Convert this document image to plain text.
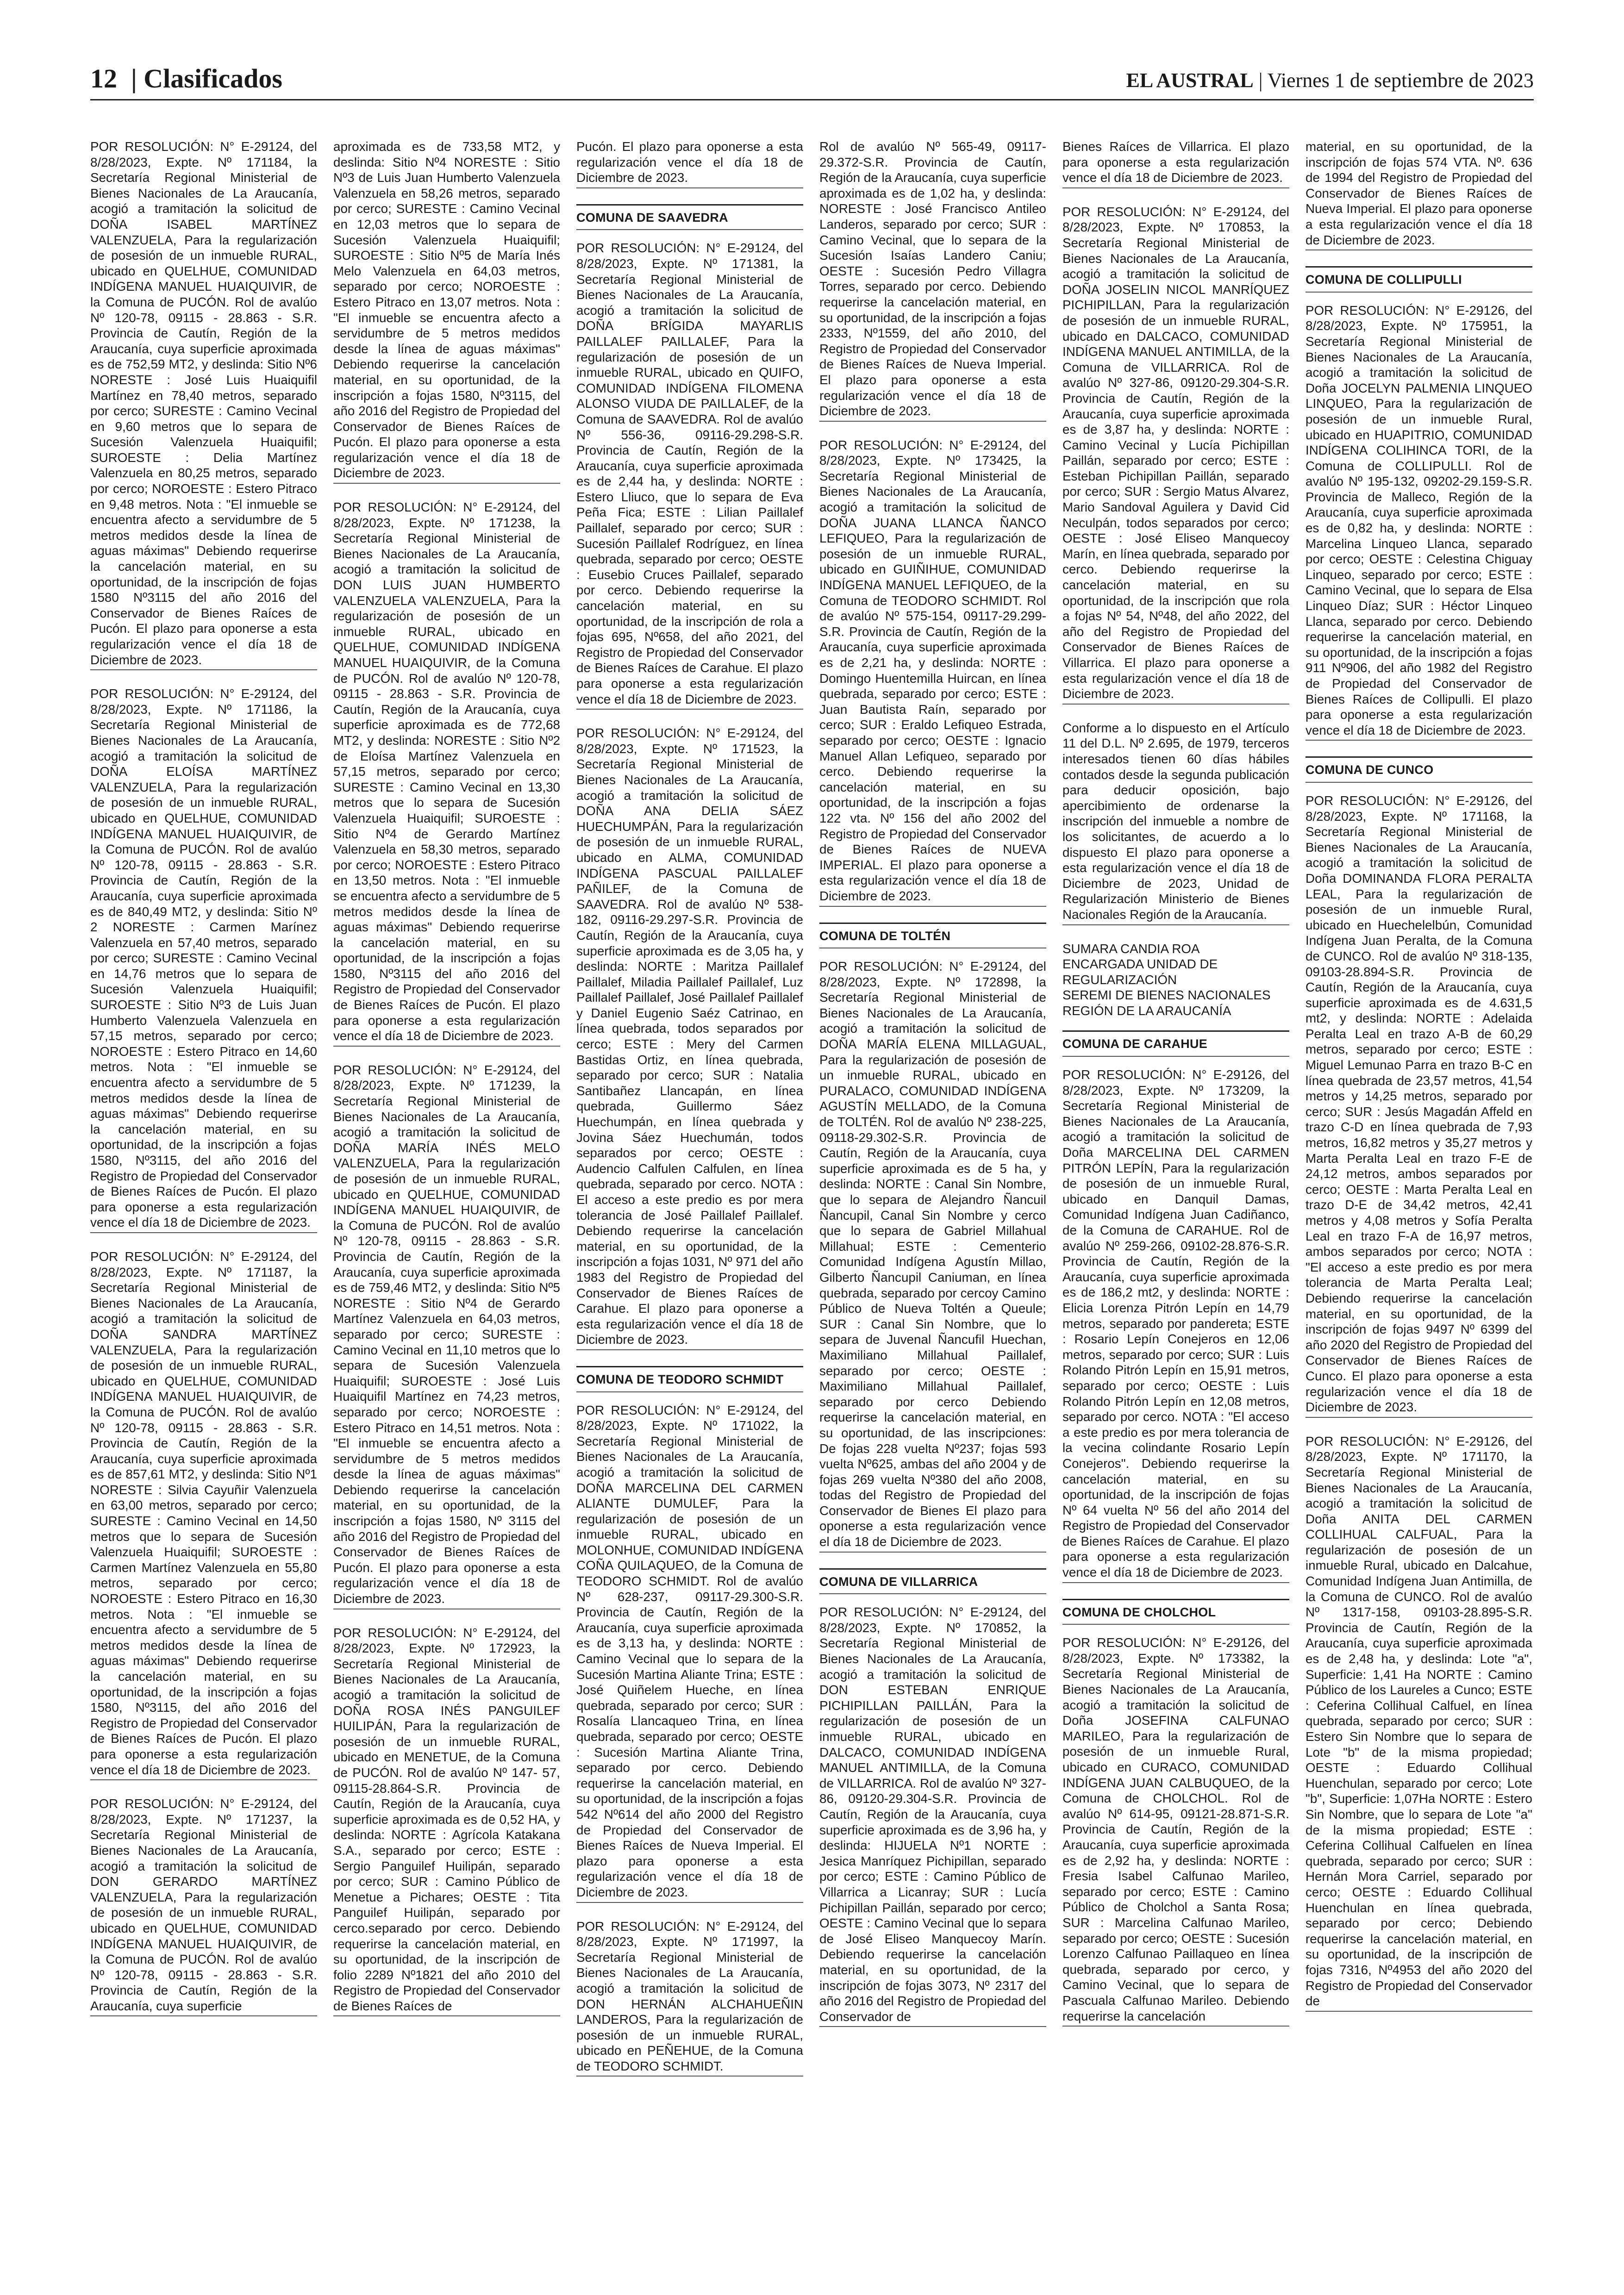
12 | Clasificados	EL AUSTRAL | Viernes 1 de septiembre de 2023

POR RESOLUCIÓN: N° E-29124, del 8/28/2023, Expte. Nº 171184, la Secretaría Regional Ministerial de Bienes Nacionales de La Araucanía, acogió a tramitación la solicitud de DOÑA ISABEL MARTÍNEZ VALENZUELA, Para la regularización de posesión de un inmueble RURAL, ubicado en QUELHUE, COMUNIDAD INDÍGENA MANUEL HUAIQUIVIR, de la Comuna de PUCÓN. Rol de avalúo Nº 120-78, 09115 - 28.863 - S.R. Provincia de Cautín, Región de la Araucanía, cuya superficie aproximada es de 752,59 MT2, y deslinda: Sitio Nº6 NORESTE : José Luis Huaiquifil Martínez en 78,40 metros, separado por cerco; SURESTE : Camino Vecinal en 9,60 metros que lo separa de Sucesión Valenzuela Huaiquifil; SUROESTE : Delia Martínez Valenzuela en 80,25 metros, separado por cerco; NOROESTE : Estero Pitraco en 9,48 metros. Nota : "El inmueble se encuentra afecto a servidumbre de 5 metros medidos desde la línea de aguas máximas" Debiendo requerirse la cancelación material, en su oportunidad, de la inscripción de fojas 1580 Nº3115 del año 2016 del Conservador de Bienes Raíces de Pucón. El plazo para oponerse a esta regularización vence el día 18 de Diciembre de 2023.

POR RESOLUCIÓN: N° E-29124, del 8/28/2023, Expte. Nº 171186, la Secretaría Regional Ministerial de Bienes Nacionales de La Araucanía, acogió a tramitación la solicitud de DOÑA ELOÍSA MARTÍNEZ VALENZUELA, Para la regularización de posesión de un inmueble RURAL, ubicado en QUELHUE, COMUNIDAD INDÍGENA MANUEL HUAIQUIVIR, de la Comuna de PUCÓN. Rol de avalúo Nº 120-78, 09115 - 28.863 - S.R. Provincia de Cautín, Región de la Araucanía, cuya superficie aproximada es de 840,49 MT2, y deslinda: Sitio Nº 2 NORESTE : Carmen Marínez Valenzuela en 57,40 metros, separado por cerco; SURESTE : Camino Vecinal en 14,76 metros que lo separa de Sucesión Valenzuela Huaiquifil; SUROESTE : Sitio Nº3 de Luis Juan Humberto Valenzuela Valenzuela en 57,15 metros, separado por cerco; NOROESTE : Estero Pitraco en 14,60 metros. Nota : "El inmueble se encuentra afecto a servidumbre de 5 metros medidos desde la línea de aguas máximas" Debiendo requerirse la cancelación material, en su oportunidad, de la inscripción a fojas 1580, Nº3115, del año 2016 del Registro de Propiedad del Conservador de Bienes Raíces de Pucón. El plazo para oponerse a esta regularización vence el día 18 de Diciembre de 2023.

POR RESOLUCIÓN: N° E-29124, del 8/28/2023, Expte. Nº 171187, la Secretaría Regional Ministerial de Bienes Nacionales de La Araucanía, acogió a tramitación la solicitud de DOÑA SANDRA MARTÍNEZ VALENZUELA, Para la regularización de posesión de un inmueble RURAL, ubicado en QUELHUE, COMUNIDAD INDÍGENA MANUEL HUAIQUIVIR, de la Comuna de PUCÓN. Rol de avalúo Nº 120-78, 09115 - 28.863 - S.R. Provincia de Cautín, Región de la Araucanía, cuya superficie aproximada es de 857,61 MT2, y deslinda: Sitio Nº1 NORESTE : Silvia Cayuñir Valenzuela en 63,00 metros, separado por cerco; SURESTE : Camino Vecinal en 14,50 metros que lo separa de Sucesión Valenzuela Huaiquifil; SUROESTE : Carmen Martínez Valenzuela en 55,80 metros, separado por cerco; NOROESTE : Estero Pitraco en 16,30 metros. Nota : "El inmueble se encuentra afecto a servidumbre de 5 metros medidos desde la línea de aguas máximas" Debiendo requerirse la cancelación material, en su oportunidad, de la inscripción a fojas 1580, Nº3115, del año 2016 del Registro de Propiedad del Conservador de Bienes Raíces de Pucón. El plazo para oponerse a esta regularización vence el día 18 de Diciembre de 2023.

POR RESOLUCIÓN: N° E-29124, del 8/28/2023, Expte. Nº 171237, la Secretaría Regional Ministerial de Bienes Nacionales de La Araucanía, acogió a tramitación la solicitud de DON GERARDO MARTÍNEZ VALENZUELA, Para la regularización de posesión de un inmueble RURAL, ubicado en QUELHUE, COMUNIDAD INDÍGENA MANUEL HUAIQUIVIR, de la Comuna de PUCÓN. Rol de avalúo Nº 120-78, 09115 - 28.863 - S.R. Provincia de Cautín, Región de la Araucanía, cuya superficie

aproximada es de 733,58 MT2, y deslinda: Sitio Nº4 NORESTE : Sitio Nº3 de Luis Juan Humberto Valenzuela Valenzuela en 58,26 metros, separado por cerco; SURESTE : Camino Vecinal en 12,03 metros que lo separa de Sucesión Valenzuela Huaiquifil; SUROESTE : Sitio Nº5 de María Inés Melo Valenzuela en 64,03 metros, separado por cerco; NOROESTE : Estero Pitraco en 13,07 metros. Nota : "El inmueble se encuentra afecto a servidumbre de 5 metros medidos desde la línea de aguas máximas" Debiendo requerirse la cancelación material, en su oportunidad, de la inscripción a fojas 1580, Nº3115, del año 2016 del Registro de Propiedad del Conservador de Bienes Raíces de Pucón. El plazo para oponerse a esta regularización vence el día 18 de Diciembre de 2023.

POR RESOLUCIÓN: N° E-29124, del 8/28/2023, Expte. Nº 171238, la Secretaría Regional Ministerial de Bienes Nacionales de La Araucanía, acogió a tramitación la solicitud de DON LUIS JUAN HUMBERTO VALENZUELA VALENZUELA, Para la regularización de posesión de un inmueble RURAL, ubicado en QUELHUE, COMUNIDAD INDÍGENA MANUEL HUAIQUIVIR, de la Comuna de PUCÓN. Rol de avalúo Nº 120-78, 09115 - 28.863 - S.R. Provincia de Cautín, Región de la Araucanía, cuya superficie aproximada es de 772,68 MT2, y deslinda: NORESTE : Sitio Nº2 de Eloísa Martínez Valenzuela en 57,15 metros, separado por cerco; SURESTE : Camino Vecinal en 13,30 metros que lo separa de Sucesión Valenzuela Huaiquifil; SUROESTE : Sitio Nº4 de Gerardo Martínez Valenzuela en 58,30 metros, separado por cerco; NOROESTE : Estero Pitraco en 13,50 metros. Nota : "El inmueble se encuentra afecto a servidumbre de 5 metros medidos desde la línea de aguas máximas" Debiendo requerirse la cancelación material, en su oportunidad, de la inscripción a fojas 1580, Nº3115 del año 2016 del Registro de Propiedad del Conservador de Bienes Raíces de Pucón. El plazo para oponerse a esta regularización vence el día 18 de Diciembre de 2023.

POR RESOLUCIÓN: N° E-29124, del 8/28/2023, Expte. Nº 171239, la Secretaría Regional Ministerial de Bienes Nacionales de La Araucanía, acogió a tramitación la solicitud de DOÑA MARÍA INÉS MELO VALENZUELA, Para la regularización de posesión de un inmueble RURAL, ubicado en QUELHUE, COMUNIDAD INDÍGENA MANUEL HUAIQUIVIR, de la Comuna de PUCÓN. Rol de avalúo Nº 120-78, 09115 - 28.863 - S.R. Provincia de Cautín, Región de la Araucanía, cuya superficie aproximada es de 759,46 MT2, y deslinda: Sitio Nº5 NORESTE : Sitio Nº4 de Gerardo Martínez Valenzuela en 64,03 metros, separado por cerco; SURESTE : Camino Vecinal en 11,10 metros que lo separa de Sucesión Valenzuela Huaiquifil; SUROESTE : José Luis Huaiquifil Martínez en 74,23 metros, separado por cerco; NOROESTE : Estero Pitraco en 14,51 metros. Nota : "El inmueble se encuentra afecto a servidumbre de 5 metros medidos desde la línea de aguas máximas" Debiendo requerirse la cancelación material, en su oportunidad, de la inscripción a fojas 1580, Nº 3115 del año 2016 del Registro de Propiedad del Conservador de Bienes Raíces de Pucón. El plazo para oponerse a esta regularización vence el día 18 de Diciembre de 2023.

POR RESOLUCIÓN: N° E-29124, del 8/28/2023, Expte. Nº 172923, la Secretaría Regional Ministerial de Bienes Nacionales de La Araucanía, acogió a tramitación la solicitud de DOÑA ROSA INÉS PANGUILEF HUILIPÁN, Para la regularización de posesión de un inmueble RURAL, ubicado en MENETUE, de la Comuna de PUCÓN. Rol de avalúo Nº 147- 57, 09115-28.864-S.R. Provincia de Cautín, Región de la Araucanía, cuya superficie aproximada es de 0,52 HA, y deslinda: NORTE : Agrícola Katakana S.A., separado por cerco; ESTE : Sergio Panguilef Huilipán, separado por cerco; SUR : Camino Público de Menetue a Pichares; OESTE : Tita Panguilef Huilipán, separado por cerco.separado por cerco. Debiendo requerirse la cancelación material, en su oportunidad, de la inscripción de folio 2289 Nº1821 del año 2010 del Registro de Propiedad del Conservador de Bienes Raíces de

Pucón. El plazo para oponerse a esta regularización vence el día 18 de Diciembre de 2023.

COMUNA DE SAAVEDRA

POR RESOLUCIÓN: N° E-29124, del 8/28/2023, Expte. Nº 171381, la Secretaría Regional Ministerial de Bienes Nacionales de La Araucanía, acogió a tramitación la solicitud de DOÑA BRÍGIDA MAYARLIS PAILLALEF PAILLALEF, Para la regularización de posesión de un inmueble RURAL, ubicado en QUIFO, COMUNIDAD INDÍGENA FILOMENA ALONSO VIUDA DE PAILLALEF, de la Comuna de SAAVEDRA. Rol de avalúo Nº 556-36, 09116-29.298-S.R. Provincia de Cautín, Región de la Araucanía, cuya superficie aproximada es de 2,44 ha, y deslinda: NORTE : Estero Lliuco, que lo separa de Eva Peña Fica; ESTE : Lilian Paillalef Paillalef, separado por cerco; SUR : Sucesión Paillalef Rodríguez, en línea quebrada, separado por cerco; OESTE : Eusebio Cruces Paillalef, separado por cerco. Debiendo requerirse la cancelación material, en su oportunidad, de la inscripción de rola a fojas 695, Nº658, del año 2021, del Registro de Propiedad del Conservador de Bienes Raíces de Carahue. El plazo para oponerse a esta regularización vence el día 18 de Diciembre de 2023.

POR RESOLUCIÓN: N° E-29124, del 8/28/2023, Expte. Nº 171523, la Secretaría Regional Ministerial de Bienes Nacionales de La Araucanía, acogió a tramitación la solicitud de DOÑA ANA DELIA SÁEZ HUECHUMPÁN, Para la regularización de posesión de un inmueble RURAL, ubicado en ALMA, COMUNIDAD INDÍGENA PASCUAL PAILLALEF PAÑILEF, de la Comuna de SAAVEDRA. Rol de avalúo Nº 538-182, 09116-29.297-S.R. Provincia de Cautín, Región de la Araucanía, cuya superficie aproximada es de 3,05 ha, y deslinda: NORTE : Maritza Paillalef Paillalef, Miladia Paillalef Paillalef, Luz Paillalef Paillalef, José Paillalef Paillalef y Daniel Eugenio Saéz Catrinao, en línea quebrada, todos separados por cerco; ESTE : Mery del Carmen Bastidas Ortiz, en línea quebrada, separado por cerco; SUR : Natalia Santibañez Llancapán, en línea quebrada, Guillermo Sáez Huechumpán, en línea quebrada y Jovina Sáez Huechumán, todos separados por cerco; OESTE : Audencio Calfulen Calfulen, en línea quebrada, separado por cerco. NOTA : El acceso a este predio es por mera tolerancia de José Paillalef Paillalef. Debiendo requerirse la cancelación material, en su oportunidad, de la inscripción a fojas 1031, Nº 971 del año 1983 del Registro de Propiedad del Conservador de Bienes Raíces de Carahue. El plazo para oponerse a esta regularización vence el día 18 de Diciembre de 2023.

COMUNA DE TEODORO SCHMIDT

POR RESOLUCIÓN: N° E-29124, del 8/28/2023, Expte. Nº 171022, la Secretaría Regional Ministerial de Bienes Nacionales de La Araucanía, acogió a tramitación la solicitud de DOÑA MARCELINA DEL CARMEN ALIANTE DUMULEF, Para la regularización de posesión de un inmueble RURAL, ubicado en MOLONHUE, COMUNIDAD INDÍGENA COÑA QUILAQUEO, de la Comuna de TEODORO SCHMIDT. Rol de avalúo Nº 628-237, 09117-29.300-S.R. Provincia de Cautín, Región de la Araucanía, cuya superficie aproximada es de 3,13 ha, y deslinda: NORTE : Camino Vecinal que lo separa de la Sucesión Martina Aliante Trina; ESTE : José Quiñelem Hueche, en línea quebrada, separado por cerco; SUR : Rosalía Llancaqueo Trina, en línea quebrada, separado por cerco; OESTE : Sucesión Martina Aliante Trina, separado por cerco. Debiendo requerirse la cancelación material, en su oportunidad, de la inscripción a fojas 542 Nº614 del año 2000 del Registro de Propiedad del Conservador de Bienes Raíces de Nueva Imperial. El plazo para oponerse a esta regularización vence el día 18 de Diciembre de 2023.

POR RESOLUCIÓN: N° E-29124, del 8/28/2023, Expte. Nº 171997, la Secretaría Regional Ministerial de Bienes Nacionales de La Araucanía, acogió a tramitación la solicitud de DON HERNÁN ALCHAHUEÑIN LANDEROS, Para la regularización de posesión de un inmueble RURAL, ubicado en PEÑEHUE, de la Comuna de TEODORO SCHMIDT.

Rol de avalúo Nº 565-49, 09117-29.372-S.R. Provincia de Cautín, Región de la Araucanía, cuya superficie aproximada es de 1,02 ha, y deslinda: NORESTE : José Francisco Antileo Landeros, separado por cerco; SUR : Camino Vecinal, que lo separa de la Sucesión Isaías Landero Caniu; OESTE : Sucesión Pedro Villagra Torres, separado por cerco. Debiendo requerirse la cancelación material, en su oportunidad, de la inscripción a fojas 2333, Nº1559, del año 2010, del Registro de Propiedad del Conservador de Bienes Raíces de Nueva Imperial. El plazo para oponerse a esta regularización vence el día 18 de Diciembre de 2023.

POR RESOLUCIÓN: N° E-29124, del 8/28/2023, Expte. Nº 173425, la Secretaría Regional Ministerial de Bienes Nacionales de La Araucanía, acogió a tramitación la solicitud de DOÑA JUANA LLANCA ÑANCO LEFIQUEO, Para la regularización de posesión de un inmueble RURAL, ubicado en GUIÑIHUE, COMUNIDAD INDÍGENA MANUEL LEFIQUEO, de la Comuna de TEODORO SCHMIDT. Rol de avalúo Nº 575-154, 09117-29.299-S.R. Provincia de Cautín, Región de la Araucanía, cuya superficie aproximada es de 2,21 ha, y deslinda: NORTE : Domingo Huentemilla Huircan, en línea quebrada, separado por cerco; ESTE : Juan Bautista Raín, separado por cerco; SUR : Eraldo Lefiqueo Estrada, separado por cerco; OESTE : Ignacio Manuel Allan Lefiqueo, separado por cerco. Debiendo requerirse la cancelación material, en su oportunidad, de la inscripción a fojas 122 vta. Nº 156 del año 2002 del Registro de Propiedad del Conservador de Bienes Raíces de NUEVA IMPERIAL. El plazo para oponerse a esta regularización vence el día 18 de Diciembre de 2023.

COMUNA DE TOLTÉN

POR RESOLUCIÓN: N° E-29124, del 8/28/2023, Expte. Nº 172898, la Secretaría Regional Ministerial de Bienes Nacionales de La Araucanía, acogió a tramitación la solicitud de DOÑA MARÍA ELENA MILLAGUAL, Para la regularización de posesión de un inmueble RURAL, ubicado en PURALACO, COMUNIDAD INDÍGENA AGUSTÍN MELLADO, de la Comuna de TOLTÉN. Rol de avalúo Nº 238-225, 09118-29.302-S.R. Provincia de Cautín, Región de la Araucanía, cuya superficie aproximada es de 5 ha, y deslinda: NORTE : Canal Sin Nombre, que lo separa de Alejandro Ñancuil Ñancupil, Canal Sin Nombre y cerco que lo separa de Gabriel Millahual Millahual; ESTE : Cementerio Comunidad Indígena Agustín Millao, Gilberto Ñancupil Caniuman, en línea quebrada, separado por cercoy Camino Público de Nueva Toltén a Queule; SUR : Canal Sin Nombre, que lo separa de Juvenal Ñancufil Huechan, Maximiliano Millahual Paillalef, separado por cerco; OESTE : Maximiliano Millahual Paillalef, separado por cerco Debiendo requerirse la cancelación material, en su oportunidad, de las inscripciones: De fojas 228 vuelta Nº237; fojas 593 vuelta Nº625, ambas del año 2004 y de fojas 269 vuelta Nº380 del año 2008, todas del Registro de Propiedad del Conservador de Bienes El plazo para oponerse a esta regularización vence el día 18 de Diciembre de 2023.

COMUNA DE VILLARRICA

POR RESOLUCIÓN: N° E-29124, del 8/28/2023, Expte. Nº 170852, la Secretaría Regional Ministerial de Bienes Nacionales de La Araucanía, acogió a tramitación la solicitud de DON ESTEBAN ENRIQUE PICHIPILLAN PAILLÁN, Para la regularización de posesión de un inmueble RURAL, ubicado en DALCACO, COMUNIDAD INDÍGENA MANUEL ANTIMILLA, de la Comuna de VILLARRICA. Rol de avalúo Nº 327-86, 09120-29.304-S.R. Provincia de Cautín, Región de la Araucanía, cuya superficie aproximada es de 3,96 ha, y deslinda: HIJUELA Nº1 NORTE : Jesica Manríquez Pichipillan, separado por cerco; ESTE : Camino Público de Villarrica a Licanray; SUR : Lucía Pichipillan Paillán, separado por cerco; OESTE : Camino Vecinal que lo separa de José Eliseo Manquecoy Marín. Debiendo requerirse la cancelación material, en su oportunidad, de la inscripción de fojas 3073, Nº 2317 del año 2016 del Registro de Propiedad del Conservador de

Bienes Raíces de Villarrica. El plazo para oponerse a esta regularización vence el día 18 de Diciembre de 2023.

POR RESOLUCIÓN: N° E-29124, del 8/28/2023, Expte. Nº 170853, la Secretaría Regional Ministerial de Bienes Nacionales de La Araucanía, acogió a tramitación la solicitud de DOÑA JOSELIN NICOL MANRÍQUEZ PICHIPILLAN, Para la regularización de posesión de un inmueble RURAL, ubicado en DALCACO, COMUNIDAD INDÍGENA MANUEL ANTIMILLA, de la Comuna de VILLARRICA. Rol de avalúo Nº 327-86, 09120-29.304-S.R. Provincia de Cautín, Región de la Araucanía, cuya superficie aproximada es de 3,87 ha, y deslinda: NORTE : Camino Vecinal y Lucía Pichipillan Paillán, separado por cerco; ESTE : Esteban Pichipillan Paillán, separado por cerco; SUR : Sergio Matus Alvarez, Mario Sandoval Aguilera y David Cid Neculpán, todos separados por cerco; OESTE : José Eliseo Manquecoy Marín, en línea quebrada, separado por cerco. Debiendo requerirse la cancelación material, en su oportunidad, de la inscripción que rola a fojas Nº 54, Nº48, del año 2022, del año del Registro de Propiedad del Conservador de Bienes Raíces de Villarrica. El plazo para oponerse a esta regularización vence el día 18 de Diciembre de 2023.

Conforme a lo dispuesto en el Artículo 11 del D.L. Nº 2.695, de 1979, terceros interesados tienen 60 días hábiles contados desde la segunda publicación para deducir oposición, bajo apercibimiento de ordenarse la inscripción del inmueble a nombre de los solicitantes, de acuerdo a lo dispuesto El plazo para oponerse a esta regularización vence el día 18 de Diciembre de 2023, Unidad de Regularización Ministerio de Bienes Nacionales Región de la Araucanía.

SUMARA CANDIA ROA

ENCARGADA UNIDAD DE

REGULARIZACIÓN

SEREMI DE BIENES NACIONALES

REGIÓN DE LA ARAUCANÍA

COMUNA DE CARAHUE

POR RESOLUCIÓN: N° E-29126, del 8/28/2023, Expte. Nº 173209, la Secretaría Regional Ministerial de Bienes Nacionales de La Araucanía, acogió a tramitación la solicitud de Doña MARCELINA DEL CARMEN PITRÓN LEPÍN, Para la regularización de posesión de un inmueble Rural, ubicado en Danquil Damas, Comunidad Indígena Juan Cadiñanco, de la Comuna de CARAHUE. Rol de avalúo Nº 259-266, 09102-28.876-S.R. Provincia de Cautín, Región de la Araucanía, cuya superficie aproximada es de 186,2 mt2, y deslinda: NORTE : Elicia Lorenza Pitrón Lepín en 14,79 metros, separado por pandereta; ESTE : Rosario Lepín Conejeros en 12,06 metros, separado por cerco; SUR : Luis Rolando Pitrón Lepín en 15,91 metros, separado por cerco; OESTE : Luis Rolando Pitrón Lepín en 12,08 metros, separado por cerco. NOTA : "El acceso a este predio es por mera tolerancia de la vecina colindante Rosario Lepín Conejeros". Debiendo requerirse la cancelación material, en su oportunidad, de la inscripción de fojas Nº 64 vuelta Nº 56 del año 2014 del Registro de Propiedad del Conservador de Bienes Raíces de Carahue. El plazo para oponerse a esta regularización vence el día 18 de Diciembre de 2023.

COMUNA DE CHOLCHOL

POR RESOLUCIÓN: N° E-29126, del 8/28/2023, Expte. Nº 173382, la Secretaría Regional Ministerial de Bienes Nacionales de La Araucanía, acogió a tramitación la solicitud de Doña JOSEFINA CALFUNAO MARILEO, Para la regularización de posesión de un inmueble Rural, ubicado en CURACO, COMUNIDAD INDÍGENA JUAN CALBUQUEO, de la Comuna de CHOLCHOL. Rol de avalúo Nº 614-95, 09121-28.871-S.R. Provincia de Cautín, Región de la Araucanía, cuya superficie aproximada es de 2,92 ha, y deslinda: NORTE : Fresia Isabel Calfunao Marileo, separado por cerco; ESTE : Camino Público de Cholchol a Santa Rosa; SUR : Marcelina Calfunao Marileo, separado por cerco; OESTE : Sucesión Lorenzo Calfunao Paillaqueo en línea quebrada, separado por cerco, y Camino Vecinal, que lo separa de Pascuala Calfunao Marileo. Debiendo requerirse la cancelación

material, en su oportunidad, de la inscripción de fojas 574 VTA. Nº. 636 de 1994 del Registro de Propiedad del Conservador de Bienes Raíces de Nueva Imperial. El plazo para oponerse a esta regularización vence el día 18 de Diciembre de 2023.

COMUNA DE COLLIPULLI

POR RESOLUCIÓN: N° E-29126, del 8/28/2023, Expte. Nº 175951, la Secretaría Regional Ministerial de Bienes Nacionales de La Araucanía, acogió a tramitación la solicitud de Doña JOCELYN PALMENIA LINQUEO LINQUEO, Para la regularización de posesión de un inmueble Rural, ubicado en HUAPITRIO, COMUNIDAD INDÍGENA COLIHINCA TORI, de la Comuna de COLLIPULLI. Rol de avalúo Nº 195-132, 09202-29.159-S.R. Provincia de Malleco, Región de la Araucanía, cuya superficie aproximada es de 0,82 ha, y deslinda: NORTE : Marcelina Linqueo Llanca, separado por cerco; OESTE : Celestina Chiguay Linqueo, separado por cerco; ESTE : Camino Vecinal, que lo separa de Elsa Linqueo Díaz; SUR : Héctor Linqueo Llanca, separado por cerco. Debiendo requerirse la cancelación material, en su oportunidad, de la inscripción a fojas 911 Nº906, del año 1982 del Registro de Propiedad del Conservador de Bienes Raíces de Collipulli. El plazo para oponerse a esta regularización vence el día 18 de Diciembre de 2023.

COMUNA DE CUNCO

POR RESOLUCIÓN: N° E-29126, del 8/28/2023, Expte. Nº 171168, la Secretaría Regional Ministerial de Bienes Nacionales de La Araucanía, acogió a tramitación la solicitud de Doña DOMINANDA FLORA PERALTA LEAL, Para la regularización de posesión de un inmueble Rural, ubicado en Huechelelbún, Comunidad Indígena Juan Peralta, de la Comuna de CUNCO. Rol de avalúo Nº 318-135, 09103-28.894-S.R. Provincia de Cautín, Región de la Araucanía, cuya superficie aproximada es de 4.631,5 mt2, y deslinda: NORTE : Adelaida Peralta Leal en trazo A-B de 60,29 metros, separado por cerco; ESTE : Miguel Lemunao Parra en trazo B-C en línea quebrada de 23,57 metros, 41,54 metros y 14,25 metros, separado por cerco; SUR : Jesús Magadán Affeld en trazo C-D en línea quebrada de 7,93 metros, 16,82 metros y 35,27 metros y Marta Peralta Leal en trazo F-E de 24,12 metros, ambos separados por cerco; OESTE : Marta Peralta Leal en trazo D-E de 34,42 metros, 42,41 metros y 4,08 metros y Sofía Peralta Leal en trazo F-A de 16,97 metros, ambos separados por cerco; NOTA : "El acceso a este predio es por mera tolerancia de Marta Peralta Leal; Debiendo requerirse la cancelación material, en su oportunidad, de la inscripción de fojas 9497 Nº 6399 del año 2020 del Registro de Propiedad del Conservador de Bienes Raíces de Cunco. El plazo para oponerse a esta regularización vence el día 18 de Diciembre de 2023.

POR RESOLUCIÓN: N° E-29126, del 8/28/2023, Expte. Nº 171170, la Secretaría Regional Ministerial de Bienes Nacionales de La Araucanía, acogió a tramitación la solicitud de Doña ANITA DEL CARMEN COLLIHUAL CALFUAL, Para la regularización de posesión de un inmueble Rural, ubicado en Dalcahue, Comunidad Indígena Juan Antimilla, de la Comuna de CUNCO. Rol de avalúo Nº 1317-158, 09103-28.895-S.R. Provincia de Cautín, Región de la Araucanía, cuya superficie aproximada es de 2,48 ha, y deslinda: Lote "a", Superficie: 1,41 Ha NORTE : Camino Público de los Laureles a Cunco; ESTE : Ceferina Collihual Calfuel, en línea quebrada, separado por cerco; SUR : Estero Sin Nombre que lo separa de Lote "b" de la misma propiedad; OESTE : Eduardo Collihual Huenchulan, separado por cerco; Lote "b", Superficie: 1,07Ha NORTE : Estero Sin Nombre, que lo separa de Lote "a" de la misma propiedad; ESTE : Ceferina Collihual Calfuelen en línea quebrada, separado por cerco; SUR : Hernán Mora Carriel, separado por cerco; OESTE : Eduardo Collihual Huenchulan en línea quebrada, separado por cerco; Debiendo requerirse la cancelación material, en su oportunidad, de la inscripción de fojas 7316, Nº4953 del año 2020 del Registro de Propiedad del Conservador de
